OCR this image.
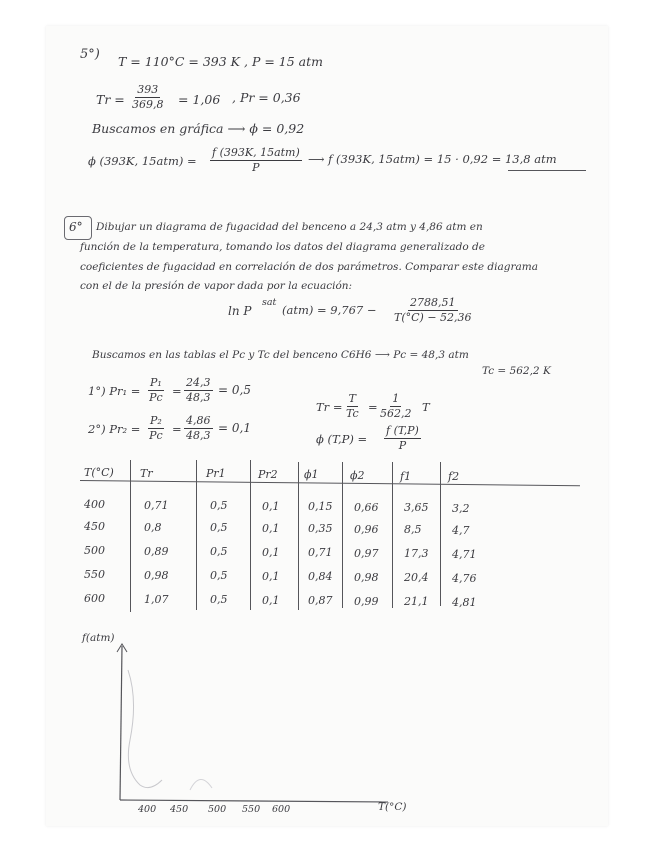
5°) T = 110°C = 393 K , P = 15 atm
$Tr = \frac{393}{369,8} = 1,06$ , Pr = 0,36
Buscamos en gráfica ⟶ ϕ = 0,92
ϕ (393K, 15atm) =
f (393K, 15atm)
P
⟶ f (393K, 15atm) = 15 · 0,92 = 13,8 atm
6° Dibujar un diagrama de fugacidad del benceno a 24,3 atm y 4,86 atm en
función de la temperatura, tomando los datos del diagrama generalizado de
coeficientes de fugacidad en correlación de dos parámetros. Comparar este diagrama
con el de la presión de vapor dada por la ecuación:
ln P
sat
$(atm) = 9,767 - \frac{2788,51}{T(^\circ C) - 52,36}$
Buscamos en las tablas el Pc y Tc del benceno C6H6 ⟶ Pc = 48,3 atm
Tc = 562,2 K
1°) $Pr_1 = \frac{\text{P₁}}{Pc} = \frac{24,3}{48,3} = 0,5$
2°) $Pr_2 = \frac{\text{P₂}}{Pc} = \frac{4,86}{48,3} = 0,1$
$Tr = \frac{T}{Tc} = \frac{1}{562,2}$ T
ϕ $(T,P) = \frac{f (T,P)}{P}$
T(°C) Tr	Pr1	Pr2 ϕ1	ϕ2	f1	f2
400	0,71	0,5	0,1	0,15 0,66 3,65 3,2
450	0,8	0,5	0,1	0,35 0,96 8,5	4,7
500	0,89	0,5	0,1	0,71 0,97 17,3 4,71
550	0,98	0,5	0,1	0,84 0,98 20,4 4,76
600	1,07	0,5	0,1	0,87 0,99 21,1 4,81
f(atm)
T(°C)
400 450 500 550 600
